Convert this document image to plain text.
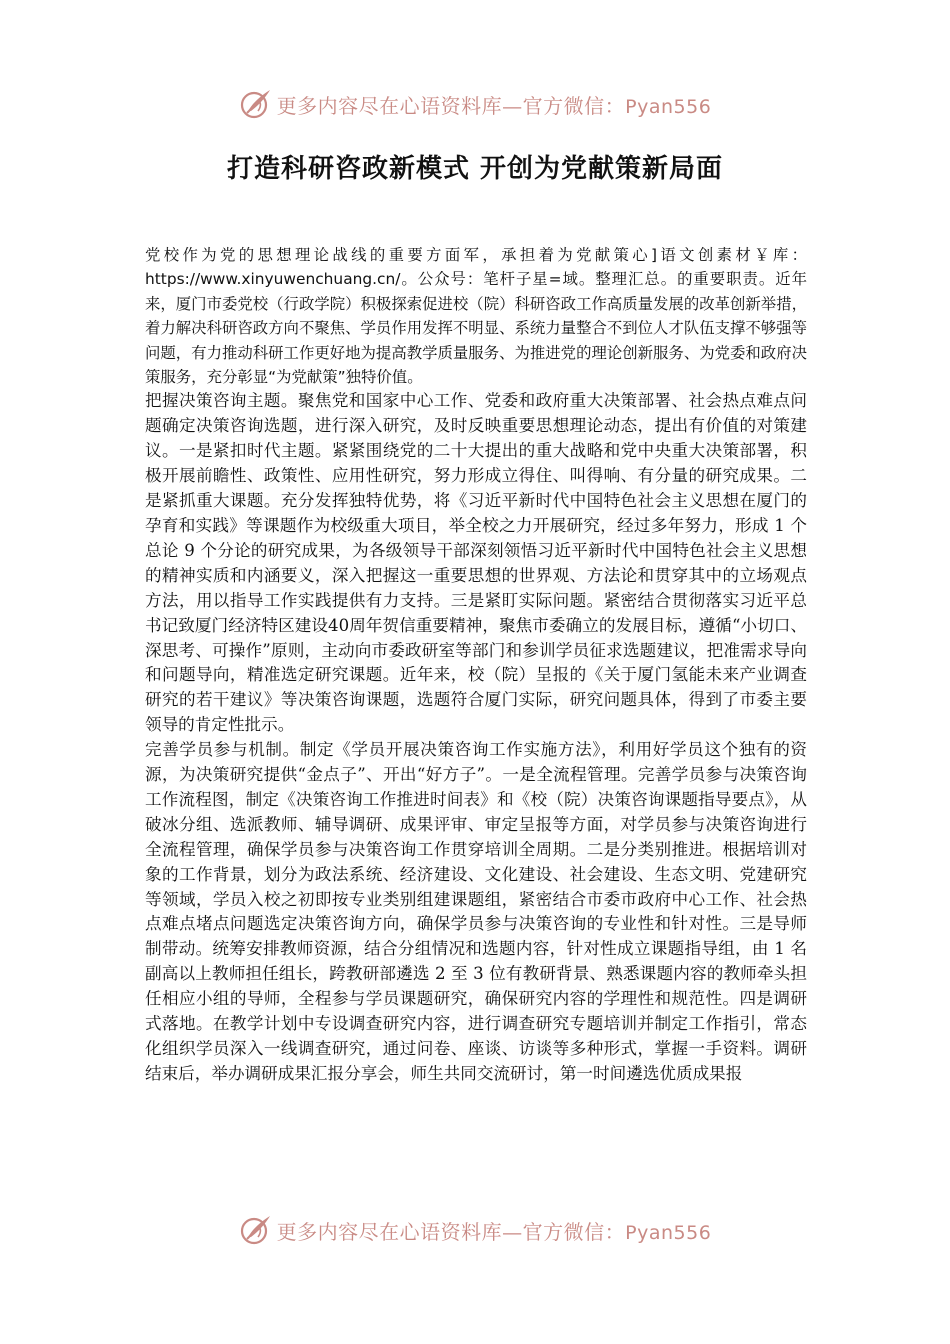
更多内容尽在心语资料库—官方微信：Pyan556
打造科研咨政新模式 开创为党献策新局面

党校作为党的思想理论战线的重要方面军，承担着为党献策心]语文创素材￥库：https://www.xinyuwenchuang.cn/。公众号：笔杆子星=域。整理汇总。的重要职责。近年来，厦门市委党校（行政学院）积极探索促进校（院）科研咨政工作高质量发展的改革创新举措，着力解决科研咨政方向不聚焦、学员作用发挥不明显、系统力量整合不到位人才队伍支撑不够强等问题，有力推动科研工作更好地为提高教学质量服务、为推进党的理论创新服务、为党委和政府决策服务，充分彰显“为党献策”独特价值。

把握决策咨询主题。聚焦党和国家中心工作、党委和政府重大决策部署、社会热点难点问题确定决策咨询选题，进行深入研究，及时反映重要思想理论动态，提出有价值的对策建议。一是紧扣时代主题。紧紧围绕党的二十大提出的重大战略和党中央重大决策部署，积极开展前瞻性、政策性、应用性研究，努力形成立得住、叫得响、有分量的研究成果。二是紧抓重大课题。充分发挥独特优势，将《习近平新时代中国特色社会主义思想在厦门的孕育和实践》等课题作为校级重大项目，举全校之力开展研究，经过多年努力，形成 1 个总论 9 个分论的研究成果，为各级领导干部深刻领悟习近平新时代中国特色社会主义思想的精神实质和内涵要义，深入把握这一重要思想的世界观、方法论和贯穿其中的立场观点方法，用以指导工作实践提供有力支持。三是紧盯实际问题。紧密结合贯彻落实习近平总书记致厦门经济特区建设40周年贺信重要精神，聚焦市委确立的发展目标，遵循“小切口、深思考、可操作”原则，主动向市委政研室等部门和参训学员征求选题建议，把准需求导向和问题导向，精准选定研究课题。近年来，校（院）呈报的《关于厦门氢能未来产业调查研究的若干建议》等决策咨询课题，选题符合厦门实际，研究问题具体，得到了市委主要领导的肯定性批示。

完善学员参与机制。制定《学员开展决策咨询工作实施方法》，利用好学员这个独有的资源，为决策研究提供“金点子”、开出“好方子”。一是全流程管理。完善学员参与决策咨询工作流程图，制定《决策咨询工作推进时间表》和《校（院）决策咨询课题指导要点》，从破冰分组、选派教师、辅导调研、成果评审、审定呈报等方面，对学员参与决策咨询进行全流程管理，确保学员参与决策咨询工作贯穿培训全周期。二是分类别推进。根据培训对象的工作背景，划分为政法系统、经济建设、文化建设、社会建设、生态文明、党建研究等领域，学员入校之初即按专业类别组建课题组，紧密结合市委市政府中心工作、社会热点难点堵点问题选定决策咨询方向，确保学员参与决策咨询的专业性和针对性。三是导师制带动。统筹安排教师资源，结合分组情况和选题内容，针对性成立课题指导组，由 1 名副高以上教师担任组长，跨教研部遴选 2 至 3 位有教研背景、熟悉课题内容的教师牵头担任相应小组的导师，全程参与学员课题研究，确保研究内容的学理性和规范性。四是调研式落地。在教学计划中专设调查研究内容，进行调查研究专题培训并制定工作指引，常态化组织学员深入一线调查研究，通过问卷、座谈、访谈等多种形式，掌握一手资料。调研结束后，举办调研成果汇报分享会，师生共同交流研讨，第一时间遴选优质成果报

更多内容尽在心语资料库—官方微信：Pyan556
